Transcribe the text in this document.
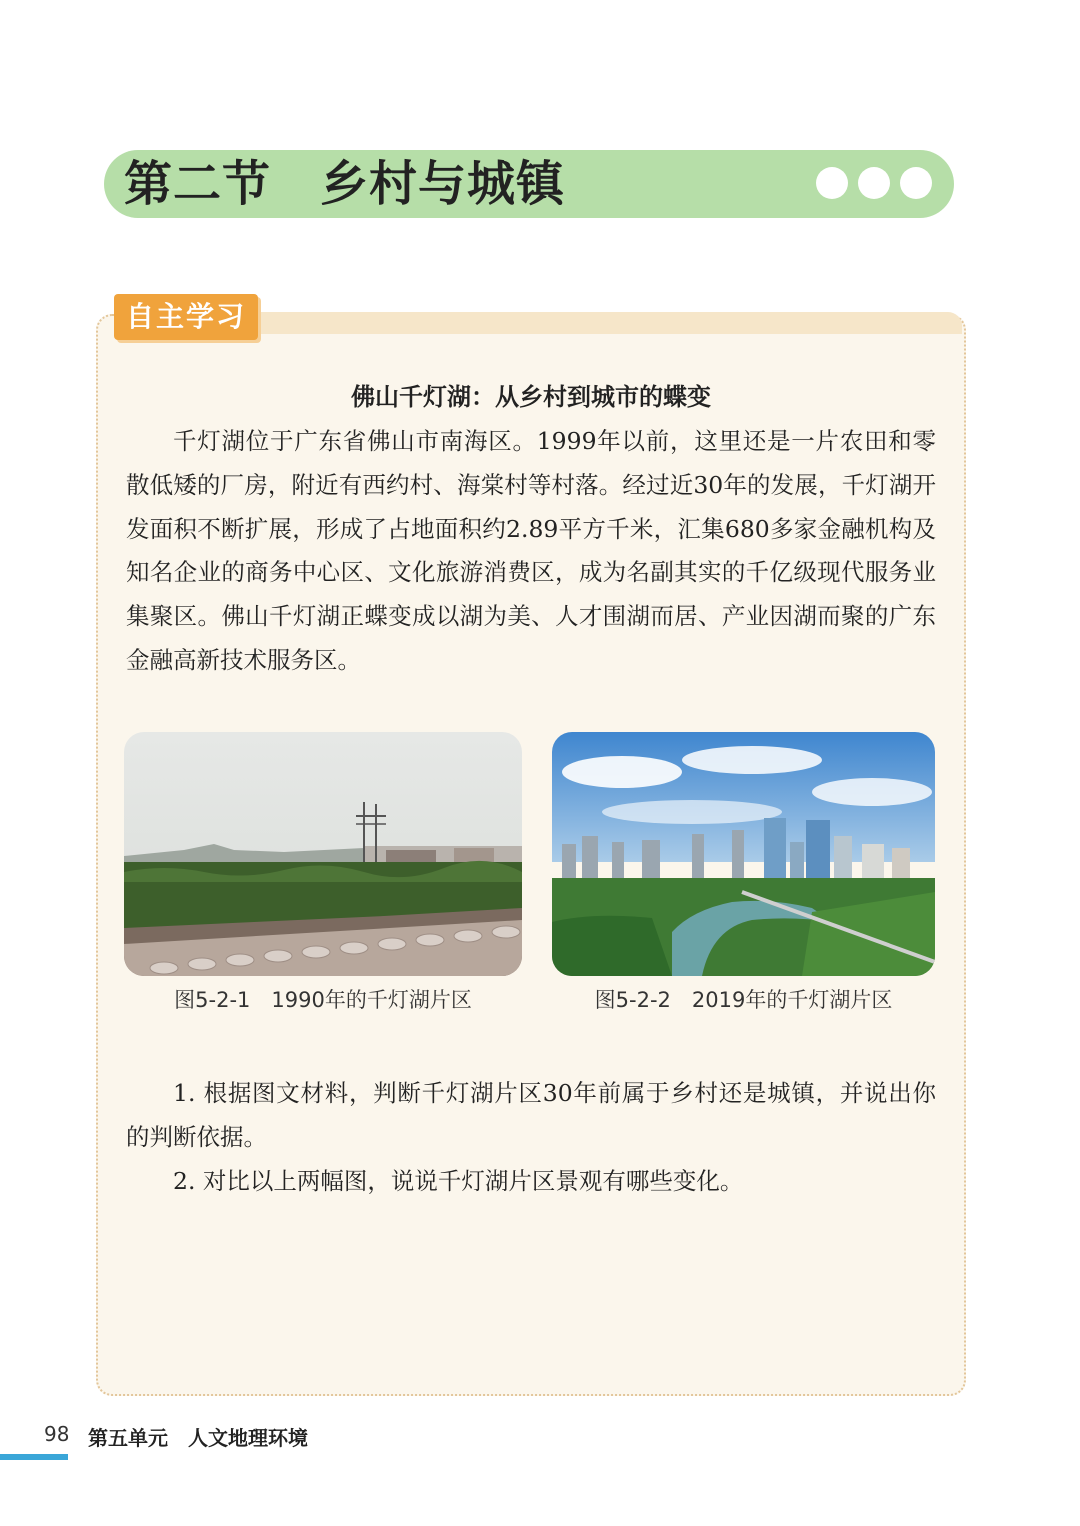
第二节　乡村与城镇
自主学习
佛山千灯湖：从乡村到城市的蝶变

千灯湖位于广东省佛山市南海区。1999年以前，这里还是一片农田和零散低矮的厂房，附近有西约村、海棠村等村落。经过近30年的发展，千灯湖开发面积不断扩展，形成了占地面积约2.89平方千米，汇集680多家金融机构及知名企业的商务中心区、文化旅游消费区，成为名副其实的千亿级现代服务业集聚区。佛山千灯湖正蝶变成以湖为美、人才围湖而居、产业因湖而聚的广东金融高新技术服务区。

图5-2-1　1990年的千灯湖片区	图5-2-2　2019年的千灯湖片区

1. 根据图文材料，判断千灯湖片区30年前属于乡村还是城镇，并说出你的判断依据。

2. 对比以上两幅图，说说千灯湖片区景观有哪些变化。

98 第五单元　人文地理环境
